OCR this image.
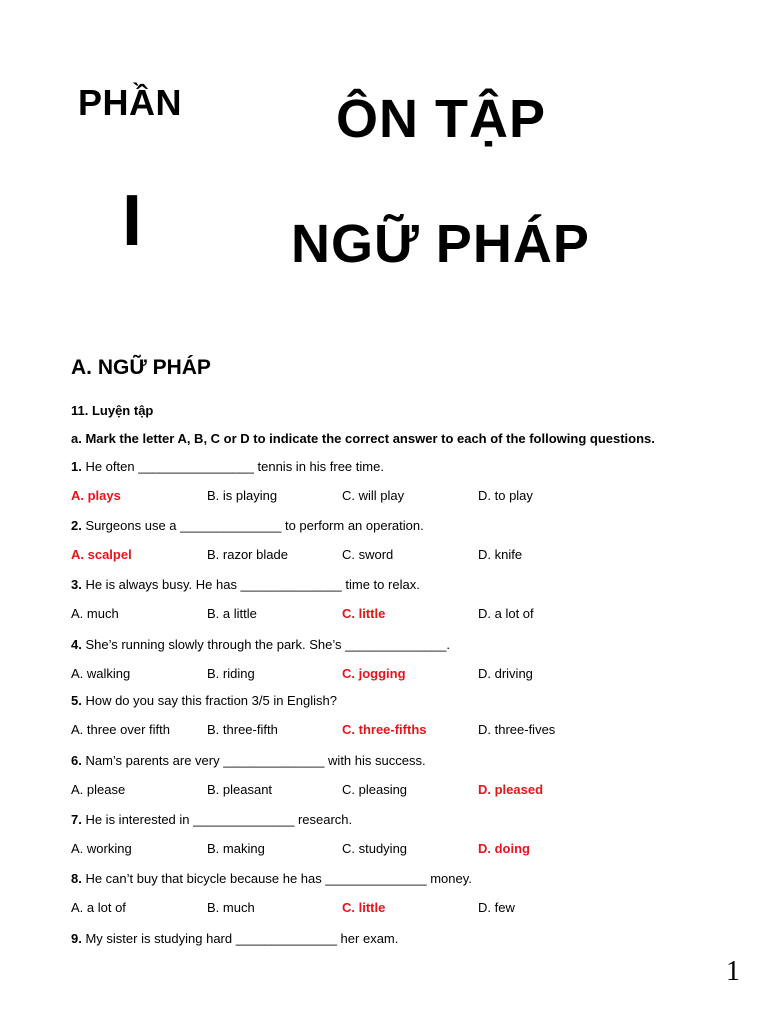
PHẦN
I
ÔN TẬP
NGỮ PHÁP
A. NGỮ PHÁP
11. Luyện tập
a. Mark the letter A, B, C or D to indicate the correct answer to each of the following questions.
1. He often ________________ tennis in his free time.
A. plays	B. is playing	C. will play	D. to play
2. Surgeons use a ______________ to perform an operation.
A. scalpel	B. razor blade	C. sword	D. knife
3. He is always busy. He has ______________ time to relax.
A. much	B. a little	C. little	D. a lot of
4. She’s running slowly through the park. She’s ______________.
A. walking	B. riding	C. jogging	D. driving
5. How do you say this fraction 3/5 in English?
A. three over fifth	B. three-fifth	C. three-fifths	D. three-fives
6. Nam’s parents are very ______________ with his success.
A. please	B. pleasant	C. pleasing	D. pleased
7. He is interested in ______________ research.
A. working	B. making	C. studying	D. doing
8. He can’t buy that bicycle because he has ______________ money.
A. a lot of	B. much	C. little	D. few
9. My sister is studying hard ______________ her exam.
1
